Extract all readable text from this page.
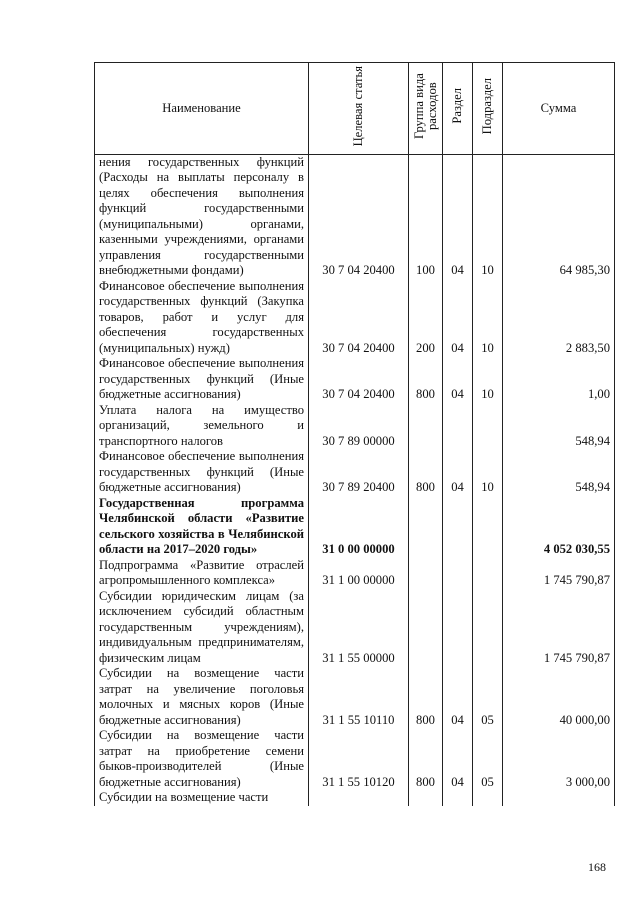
Наименование	Целевая статья	Группа вида расходов	Раздел	Подраздел	Сумма
нения государственных функций (Расходы на выплаты персоналу в целях обеспечения выполнения функций государственными (муниципальными) органами, казенными учреждениями, органами управления государственными внебюджетными фондами)	30 7 04 20400	100	04	10	64 985,30
Финансовое обеспечение выполнения государственных функций (Закупка товаров, работ и услуг для обеспечения государственных (муниципальных) нужд)	30 7 04 20400	200	04	10	2 883,50
Финансовое обеспечение выполнения государственных функций (Иные бюджетные ассигнования)	30 7 04 20400	800	04	10	1,00
Уплата налога на имущество организаций, земельного и транспортного налогов	30 7 89 00000				548,94
Финансовое обеспечение выполнения государственных функций (Иные бюджетные ассигнования)	30 7 89 20400	800	04	10	548,94
Государственная программа Челябинской области «Развитие сельского хозяйства в Челябинской области на 2017–2020 годы»	31 0 00 00000				4 052 030,55
Подпрограмма «Развитие отраслей агропромышленного комплекса»	31 1 00 00000				1 745 790,87
Субсидии юридическим лицам (за исключением субсидий областным государственным учреждениям), индивидуальным предпринимателям, физическим лицам	31 1 55 00000				1 745 790,87
Субсидии на возмещение части затрат на увеличение поголовья молочных и мясных коров (Иные бюджетные ассигнования)	31 1 55 10110	800	04	05	40 000,00
Субсидии на возмещение части затрат на приобретение семени быков-производителей (Иные бюджетные ассигнования)	31 1 55 10120	800	04	05	3 000,00
Субсидии на возмещение части					
168
